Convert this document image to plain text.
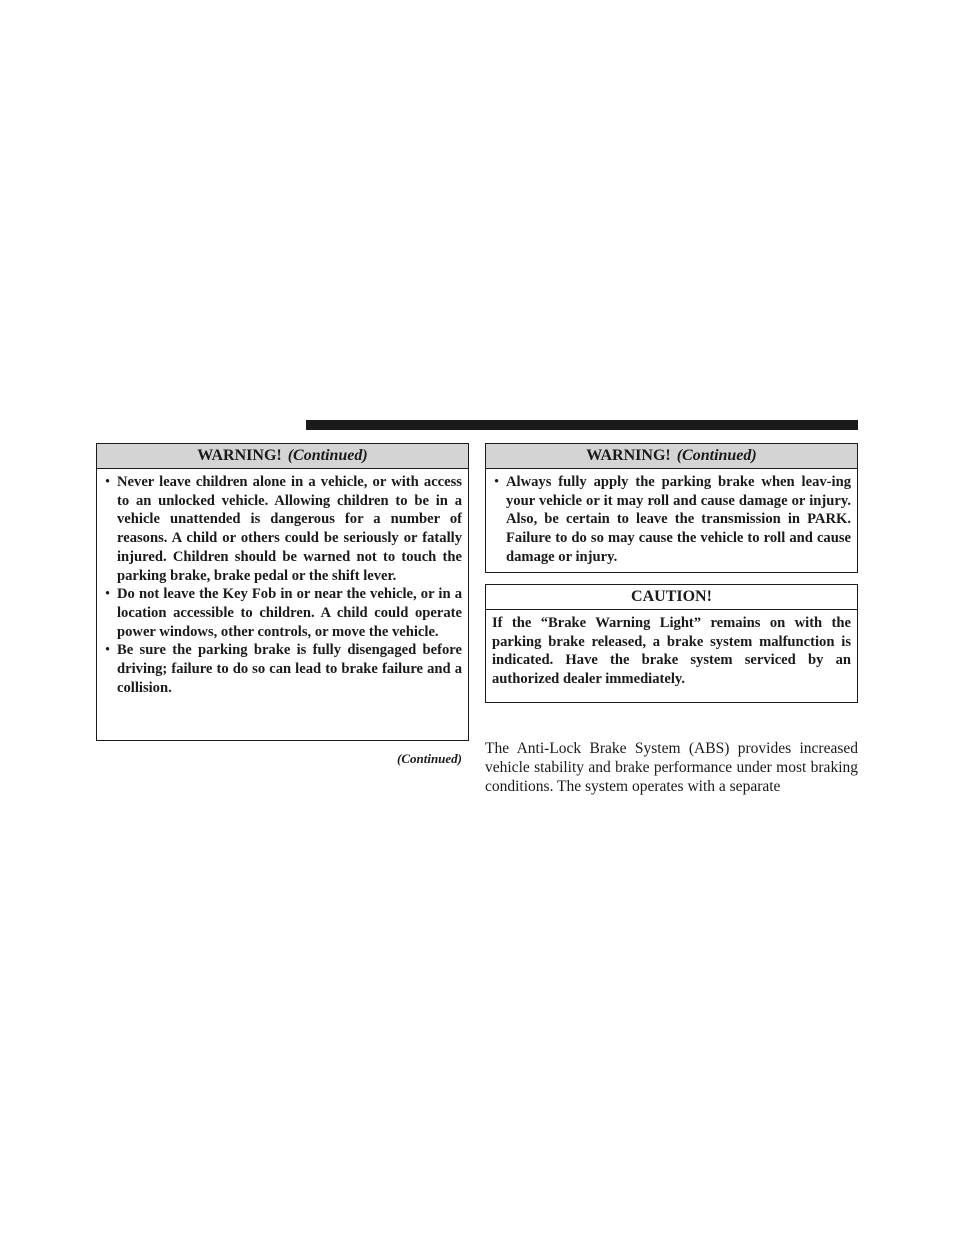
WARNING! (Continued)
• Never leave children alone in a vehicle, or with access to an unlocked vehicle. Allowing children to be in a vehicle unattended is dangerous for a number of reasons. A child or others could be seriously or fatally injured. Children should be warned not to touch the parking brake, brake pedal or the shift lever.
• Do not leave the Key Fob in or near the vehicle, or in a location accessible to children. A child could operate power windows, other controls, or move the vehicle.
• Be sure the parking brake is fully disengaged before driving; failure to do so can lead to brake failure and a collision.
(Continued)
WARNING! (Continued)
• Always fully apply the parking brake when leav-ing your vehicle or it may roll and cause damage or injury. Also, be certain to leave the transmission in PARK. Failure to do so may cause the vehicle to roll and cause damage or injury.
CAUTION!
If the “Brake Warning Light” remains on with the parking brake released, a brake system malfunction is indicated. Have the brake system serviced by an authorized dealer immediately.
The Anti-Lock Brake System (ABS) provides increased vehicle stability and brake performance under most braking conditions. The system operates with a separate
